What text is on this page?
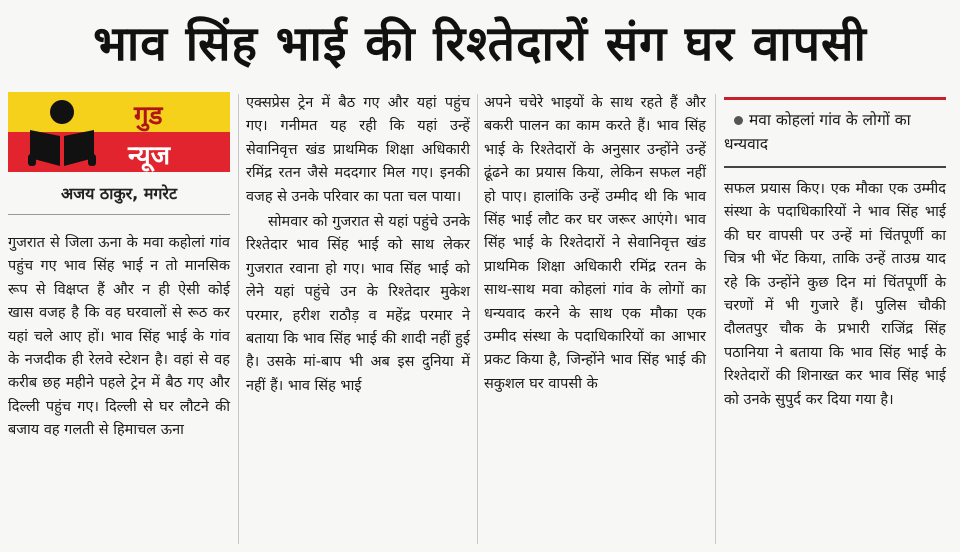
भाव सिंह भाई की रिश्तेदारों संग घर वापसी
गुड
न्यूज
अजय ठाकुर, मगरेट

गुजरात से जिला ऊना के मवा कहोलां गांव पहुंच गए भाव सिंह भाई न तो मानसिक रूप से विक्षप्त हैं और न ही ऐसी कोई खास वजह है कि वह घरवालों से रूठ कर यहां चले आए हों। भाव सिंह भाई के गांव के नजदीक ही रेलवे स्टेशन है। वहां से वह करीब छह महीने पहले ट्रेन में बैठ गए और दिल्ली पहुंच गए। दिल्ली से घर लौटने की बजाय वह गलती से हिमाचल ऊना

एक्सप्रेस ट्रेन में बैठ गए और यहां पहुंच गए। गनीमत यह रही कि यहां उन्हें सेवानिवृत्त खंड प्राथमिक शिक्षा अधिकारी रमिंद्र रतन जैसे मददगार मिल गए। इनकी वजह से उनके परिवार का पता चल पाया।

सोमवार को गुजरात से यहां पहुंचे उनके रिश्तेदार भाव सिंह भाई को साथ लेकर गुजरात रवाना हो गए। भाव सिंह भाई को लेने यहां पहुंचे उन के रिश्तेदार मुकेश परमार, हरीश राठौड़ व महेंद्र परमार ने बताया कि भाव सिंह भाई की शादी नहीं हुई है। उसके मां-बाप भी अब इस दुनिया में नहीं हैं। भाव सिंह भाई

अपने चचेरे भाइयों के साथ रहते हैं और बकरी पालन का काम करते हैं। भाव सिंह भाई के रिश्तेदारों के अनुसार उन्होंने उन्हें ढूंढने का प्रयास किया, लेकिन सफल नहीं हो पाए। हालांकि उन्हें उम्मीद थी कि भाव सिंह भाई लौट कर घर जरूर आएंगे। भाव सिंह भाई के रिश्तेदारों ने सेवानिवृत्त खंड प्राथमिक शिक्षा अधिकारी रमिंद्र रतन के साथ-साथ मवा कोहलां गांव के लोगों का धन्यवाद करने के साथ एक मौका एक उम्मीद संस्था के पदाधिकारियों का आभार प्रकट किया है, जिन्होंने भाव सिंह भाई की सकुशल घर वापसी के

मवा कोहलां गांव के लोगों का धन्यवाद

सफल प्रयास किए। एक मौका एक उम्मीद संस्था के पदाधिकारियों ने भाव सिंह भाई की घर वापसी पर उन्हें मां चिंतपूर्णी का चित्र भी भेंट किया, ताकि उन्हें ताउम्र याद रहे कि उन्होंने कुछ दिन मां चिंतपूर्णी के चरणों में भी गुजारे हैं। पुलिस चौकी दौलतपुर चौक के प्रभारी राजिंद्र सिंह पठानिया ने बताया कि भाव सिंह भाई के रिश्तेदारों की शिनाख्त कर भाव सिंह भाई को उनके सुपुर्द कर दिया गया है।
